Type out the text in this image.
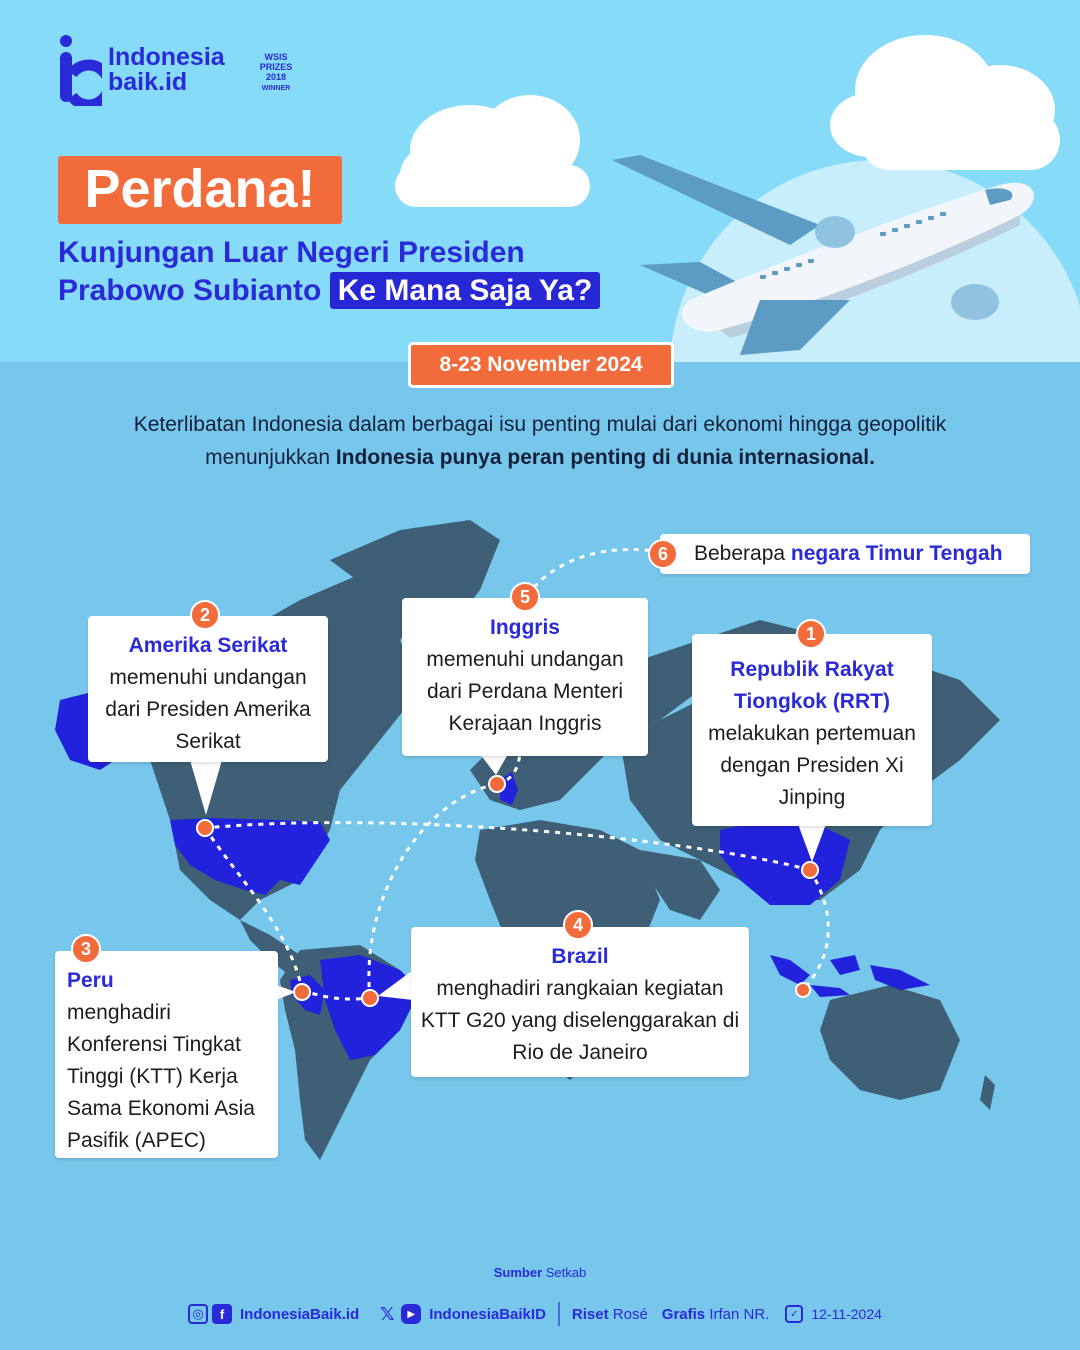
Indonesia
baik.id
WSIS
PRIZES
2018
WINNER
Perdana!
Kunjungan Luar Negeri Presiden
Prabowo Subianto Ke Mana Saja Ya?
8-23 November 2024
Keterlibatan Indonesia dalam berbagai isu penting mulai dari ekonomi hingga geopolitik menunjukkan Indonesia punya peran penting di dunia internasional.
2
Amerika Serikat
memenuhi undangan dari Presiden Amerika Serikat
5
Inggris
memenuhi undangan dari Perdana Menteri Kerajaan Inggris
1
Republik Rakyat Tiongkok (RRT)
melakukan pertemuan dengan Presiden Xi Jinping
3
Peru
menghadiri Konferensi Tingkat Tinggi (KTT) Kerja Sama Ekonomi Asia Pasifik (APEC)
4
Brazil
menghadiri rangkaian kegiatan KTT G20 yang diselenggarakan di Rio de Janeiro
6	Beberapa negara Timur Tengah
Sumber Setkab
◎	f	IndonesiaBaik.id 𝕏	▶ IndonesiaBaikID Riset
Rosé Grafis
Irfan NR.	✓ 12-11-2024
